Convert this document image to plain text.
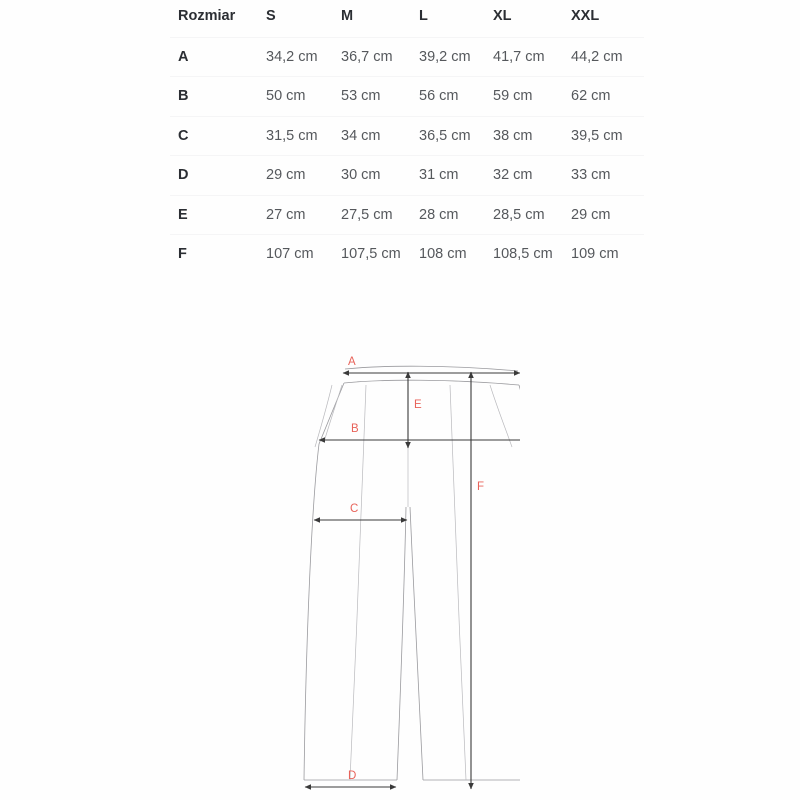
Rozmiar	S	M	L	XL	XXL
A	34,2 cm	36,7 cm	39,2 cm	41,7 cm	44,2 cm
B	50 cm	53 cm	56 cm	59 cm	62 cm
C	31,5 cm	34 cm	36,5 cm	38 cm	39,5 cm
D	29 cm	30 cm	31 cm	32 cm	33 cm
E	27 cm	27,5 cm	28 cm	28,5 cm	29 cm
F	107 cm	107,5 cm	108 cm	108,5 cm	109 cm
A
B
C
D
E
F
